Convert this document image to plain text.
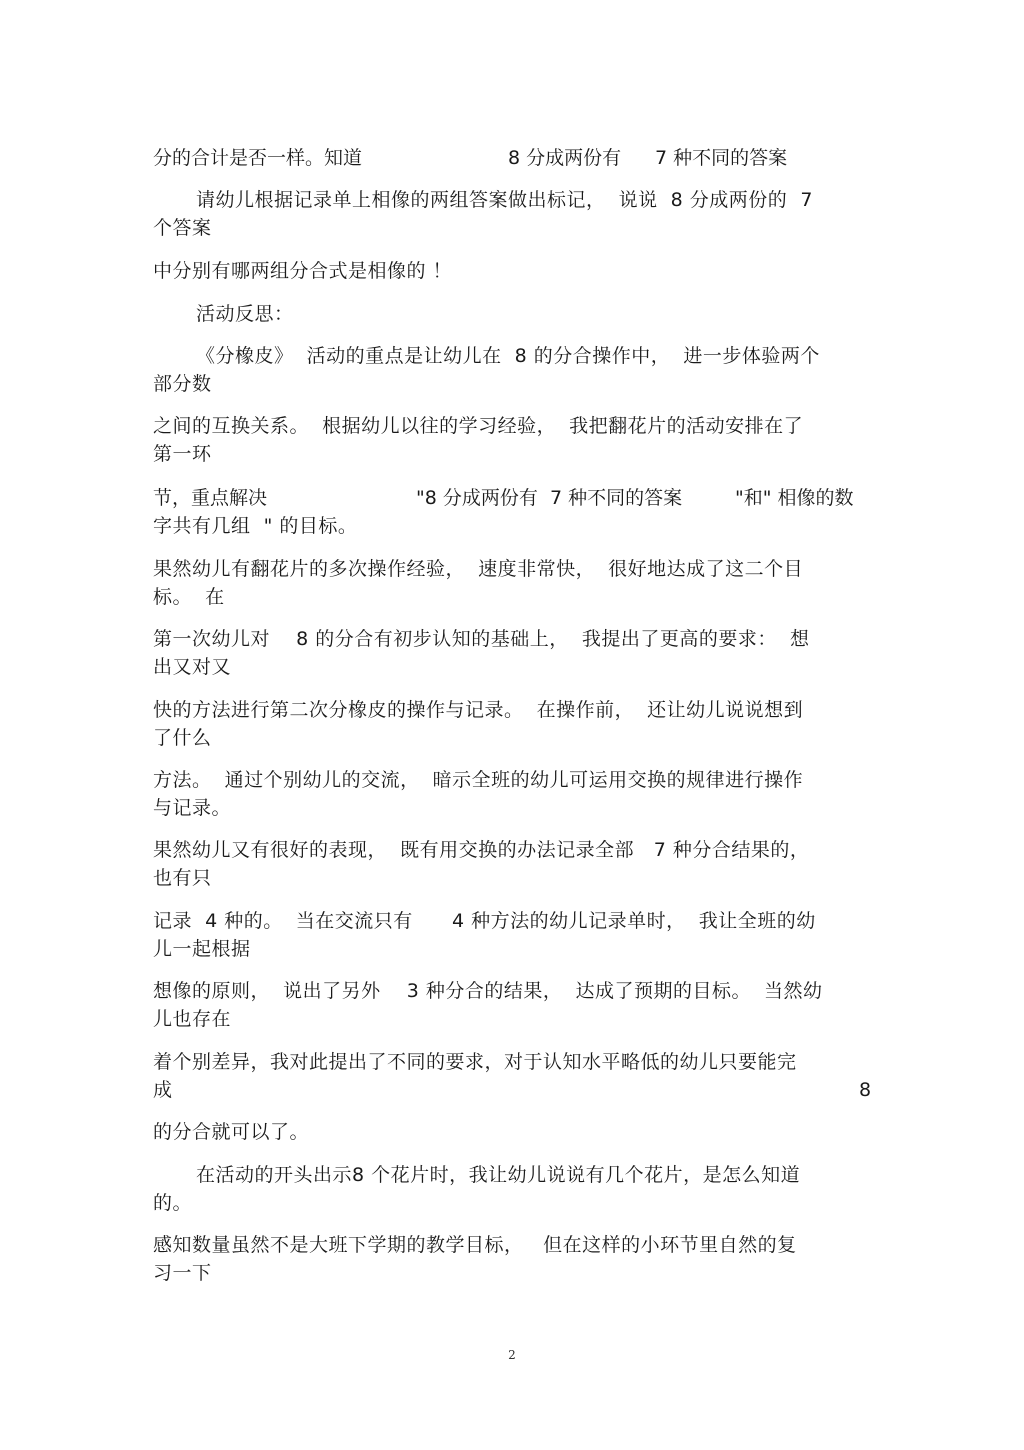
分的合计是否一样。知道	8 分成两份有 7 种不同的答案
请幼儿根据记录单上相像的两组答案做出标记，  说说  8 分成两份的  7
个答案
中分别有哪两组分合式是相像的 ！
活动反思：
《分橡皮》  活动的重点是让幼儿在  8 的分合操作中，  进一步体验两个
部分数
之间的互换关系。  根据幼儿以往的学习经验，  我把翻花片的活动安排在了
第一环
节，重点解决	"8 分成两份有  7 种不同的答案	"和" 相像的数
字共有几组  " 的目标。
果然幼儿有翻花片的多次操作经验，  速度非常快，  很好地达成了这二个目
标。  在
第一次幼儿对    8 的分合有初步认知的基础上，  我提出了更高的要求：  想
出又对又
快的方法进行第二次分橡皮的操作与记录。  在操作前，  还让幼儿说说想到
了什么
方法。  通过个别幼儿的交流，  暗示全班的幼儿可运用交换的规律进行操作
与记录。
果然幼儿又有很好的表现，  既有用交换的办法记录全部   7 种分合结果的，
也有只
记录  4 种的。  当在交流只有      4 种方法的幼儿记录单时，  我让全班的幼
儿一起根据
想像的原则，  说出了另外    3 种分合的结果，  达成了预期的目标。  当然幼
儿也存在
着个别差异，我对此提出了不同的要求，对于认知水平略低的幼儿只要能完
成	8
的分合就可以了。
在活动的开头出示8 个花片时，我让幼儿说说有几个花片，是怎么知道
的。
感知数量虽然不是大班下学期的教学目标，   但在这样的小环节里自然的复
习一下
2
